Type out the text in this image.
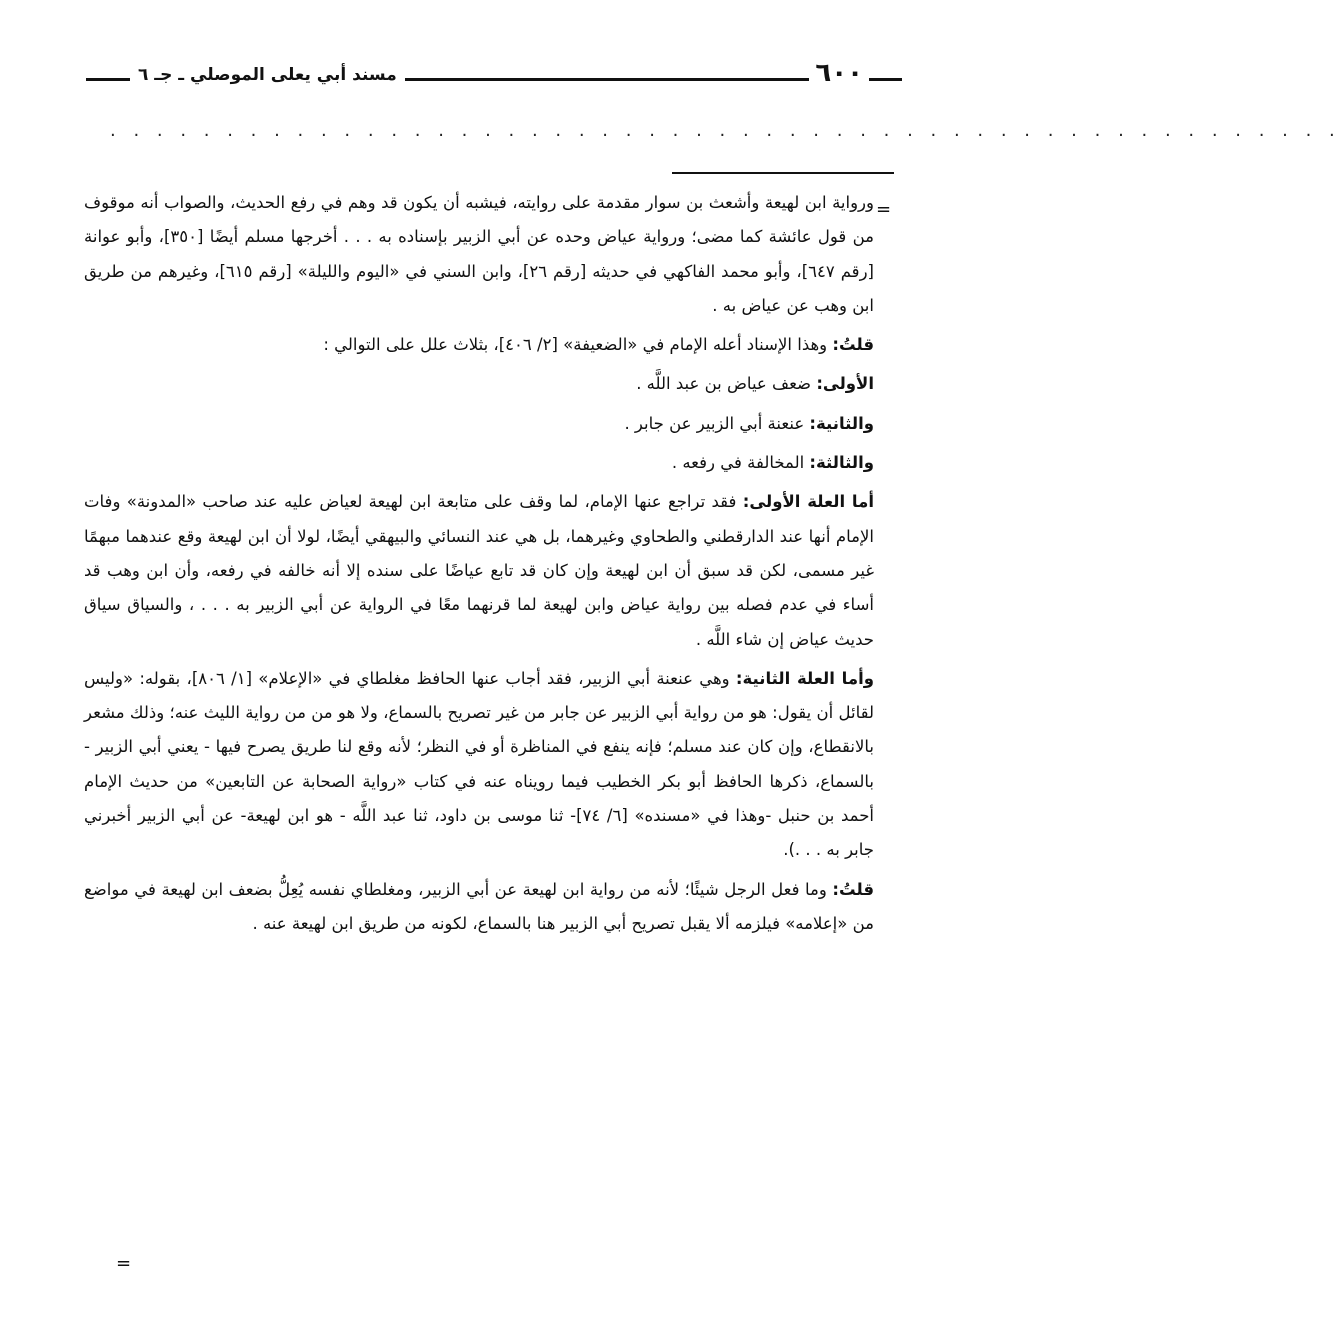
٦٠٠
مسند أبي يعلى الموصلي ـ جـ ٦
. . . . . . . . . . . . . . . . . . . . . . . . . . . . . . . . . . . . . . . . . . . . . . . . . . . . .
=

ورواية ابن لهيعة وأشعث بن سوار مقدمة على روايته، فيشبه أن يكون قد وهم في رفع الحديث، والصواب أنه موقوف من قول عائشة كما مضى؛ ورواية عياض وحده عن أبي الزبير بإسناده به . . . أخرجها مسلم أيضًا [٣٥٠]، وأبو عوانة [رقم ٦٤٧]، وأبو محمد الفاكهي في حديثه [رقم ٢٦]، وابن السني في «اليوم والليلة» [رقم ٦١٥]، وغيرهم من طريق ابن وهب عن عياض به .

قلتُ: وهذا الإسناد أعله الإمام في «الضعيفة» [٢/ ٤٠٦]، بثلاث علل على التوالي :

الأولى: ضعف عياض بن عبد اللَّه .

والثانية: عنعنة أبي الزبير عن جابر .

والثالثة: المخالفة في رفعه .

أما العلة الأولى: فقد تراجع عنها الإمام، لما وقف على متابعة ابن لهيعة لعياض عليه عند صاحب «المدونة» وفات الإمام أنها عند الدارقطني والطحاوي وغيرهما، بل هي عند النسائي والبيهقي أيضًا، لولا أن ابن لهيعة وقع عندهما مبهمًا غير مسمى، لكن قد سبق أن ابن لهيعة وإن كان قد تابع عياضًا على سنده إلا أنه خالفه في رفعه، وأن ابن وهب قد أساء في عدم فصله بين رواية عياض وابن لهيعة لما قرنهما معًا في الرواية عن أبي الزبير به . . . ، والسياق سياق حديث عياض إن شاء اللَّه .

وأما العلة الثانية: وهي عنعنة أبي الزبير، فقد أجاب عنها الحافظ مغلطاي في «الإعلام» [١/ ٨٠٦]، بقوله: «وليس لقائل أن يقول: هو من رواية أبي الزبير عن جابر من غير تصريح بالسماع، ولا هو من من رواية الليث عنه؛ وذلك مشعر بالانقطاع، وإن كان عند مسلم؛ فإنه ينفع في المناظرة أو في النظر؛ لأنه وقع لنا طريق يصرح فيها - يعني أبي الزبير - بالسماع، ذكرها الحافظ أبو بكر الخطيب فيما رويناه عنه في كتاب «رواية الصحابة عن التابعين» من حديث الإمام أحمد بن حنبل -وهذا في «مسنده» [٦/ ٧٤]- ثنا موسى بن داود، ثنا عبد اللَّه - هو ابن لهيعة- عن أبي الزبير أخبرني جابر به . . .).

قلتُ: وما فعل الرجل شيئًا؛ لأنه من رواية ابن لهيعة عن أبي الزبير، ومغلطاي نفسه يُعِلُّ بضعف ابن لهيعة في مواضع من «إعلامه» فيلزمه ألا يقبل تصريح أبي الزبير هنا بالسماع، لكونه من طريق ابن لهيعة عنه .

=
